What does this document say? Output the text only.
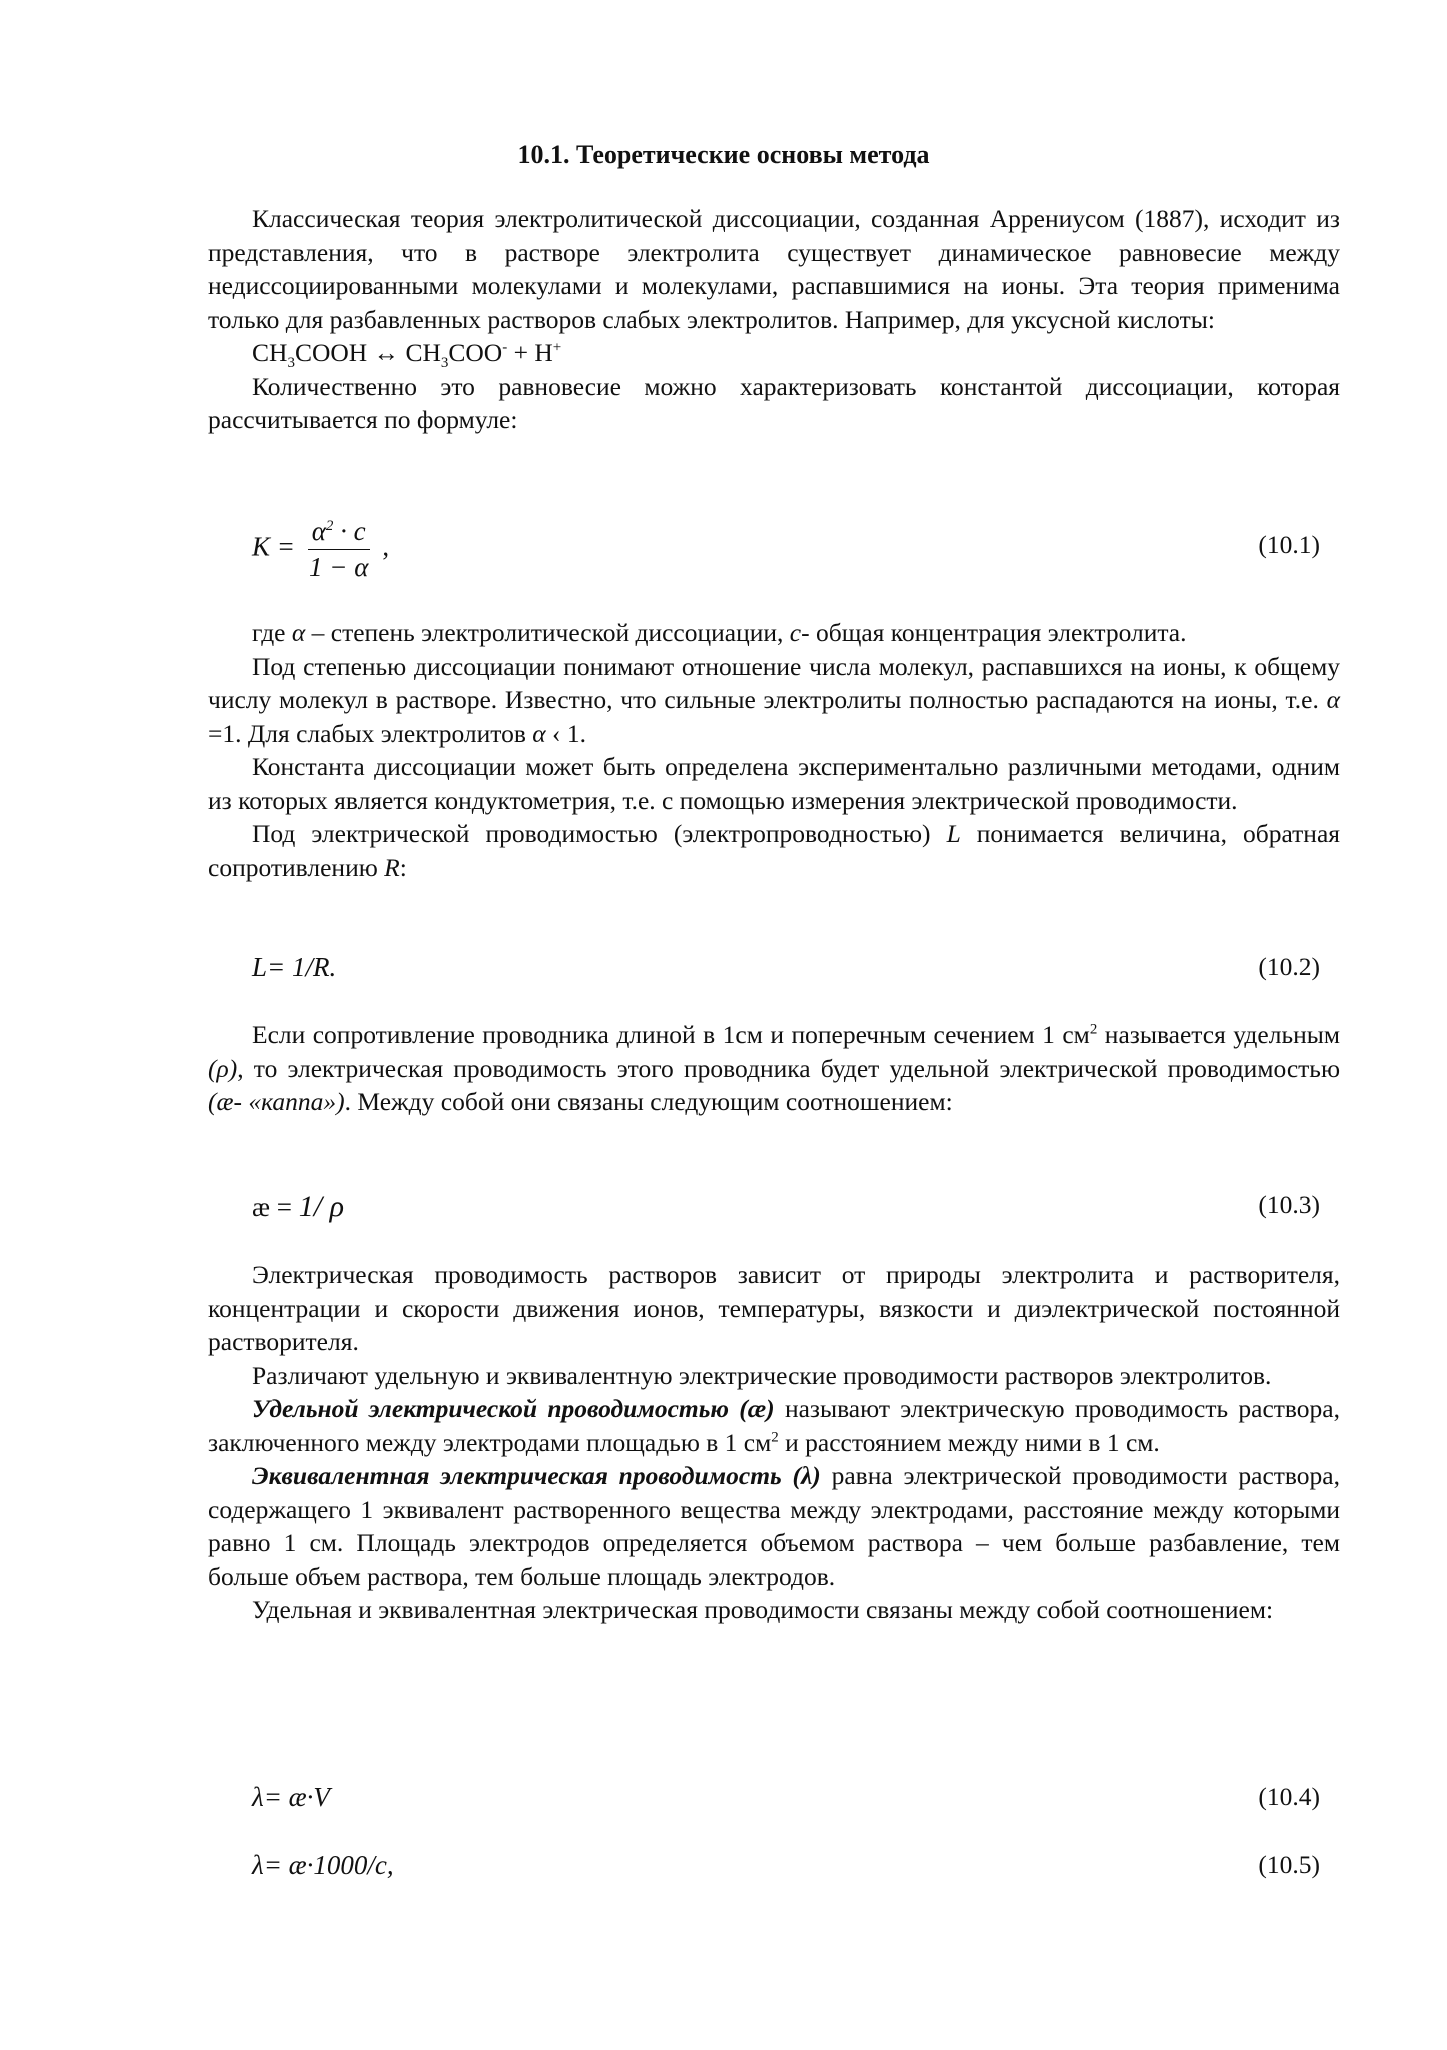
10.1. Теоретические основы метода

Классическая теория электролитической диссоциации, созданная Аррениусом (1887), исходит из представления, что в растворе электролита существует динамическое равновесие между недиссоциированными молекулами и молекулами, распавшимися на ионы. Эта теория применима только для разбавленных растворов слабых электролитов. Например, для уксусной кислоты:

$CH_3COOH$ ↔ $CH_3COO^- + H^+$

Количественно это равновесие можно характеризовать константой диссоциации, которая рассчитывается по формуле:

$K = \frac{\alpha^2 \cdot c}{1 - \alpha}$ ,	(10.1)

где α – степень электролитической диссоциации, с- общая концентрация электролита.

Под степенью диссоциации понимают отношение числа молекул, распавшихся на ионы, к общему числу молекул в растворе. Известно, что сильные электролиты полностью распадаются на ионы, т.е. α =1. Для слабых электролитов α ‹ 1.

Константа диссоциации может быть определена экспериментально различными методами, одним из которых является кондуктометрия, т.е. с помощью измерения электрической проводимости.

Под электрической проводимостью (электропроводностью) L понимается величина, обратная сопротивлению R:

L= 1/R.	(10.2)

Если сопротивление проводника длиной в 1см и поперечным сечением 1 $см^2$ называется удельным (ρ), то электрическая проводимость этого проводника будет удельной электрической проводимостью (æ- «каппа»). Между собой они связаны следующим соотношением:

æ = 1/ ρ	(10.3)

Электрическая проводимость растворов зависит от природы электролита и растворителя, концентрации и скорости движения ионов, температуры, вязкости и диэлектрической постоянной растворителя.

Различают удельную и эквивалентную электрические проводимости растворов электролитов.

Удельной электрической проводимостью (æ) называют электрическую проводимость раствора, заключенного между электродами площадью в 1 $см^2$ и расстоянием между ними в 1 см.

Эквивалентная электрическая проводимость (λ) равна электрической проводимости раствора, содержащего 1 эквивалент растворенного вещества между электродами, расстояние между которыми равно 1 см. Площадь электродов определяется объемом раствора – чем больше разбавление, тем больше объем раствора, тем больше площадь электродов.

Удельная и эквивалентная электрическая проводимости связаны между собой соотношением:

λ= æ·V	(10.4)
λ= æ·1000/c,	(10.5)
